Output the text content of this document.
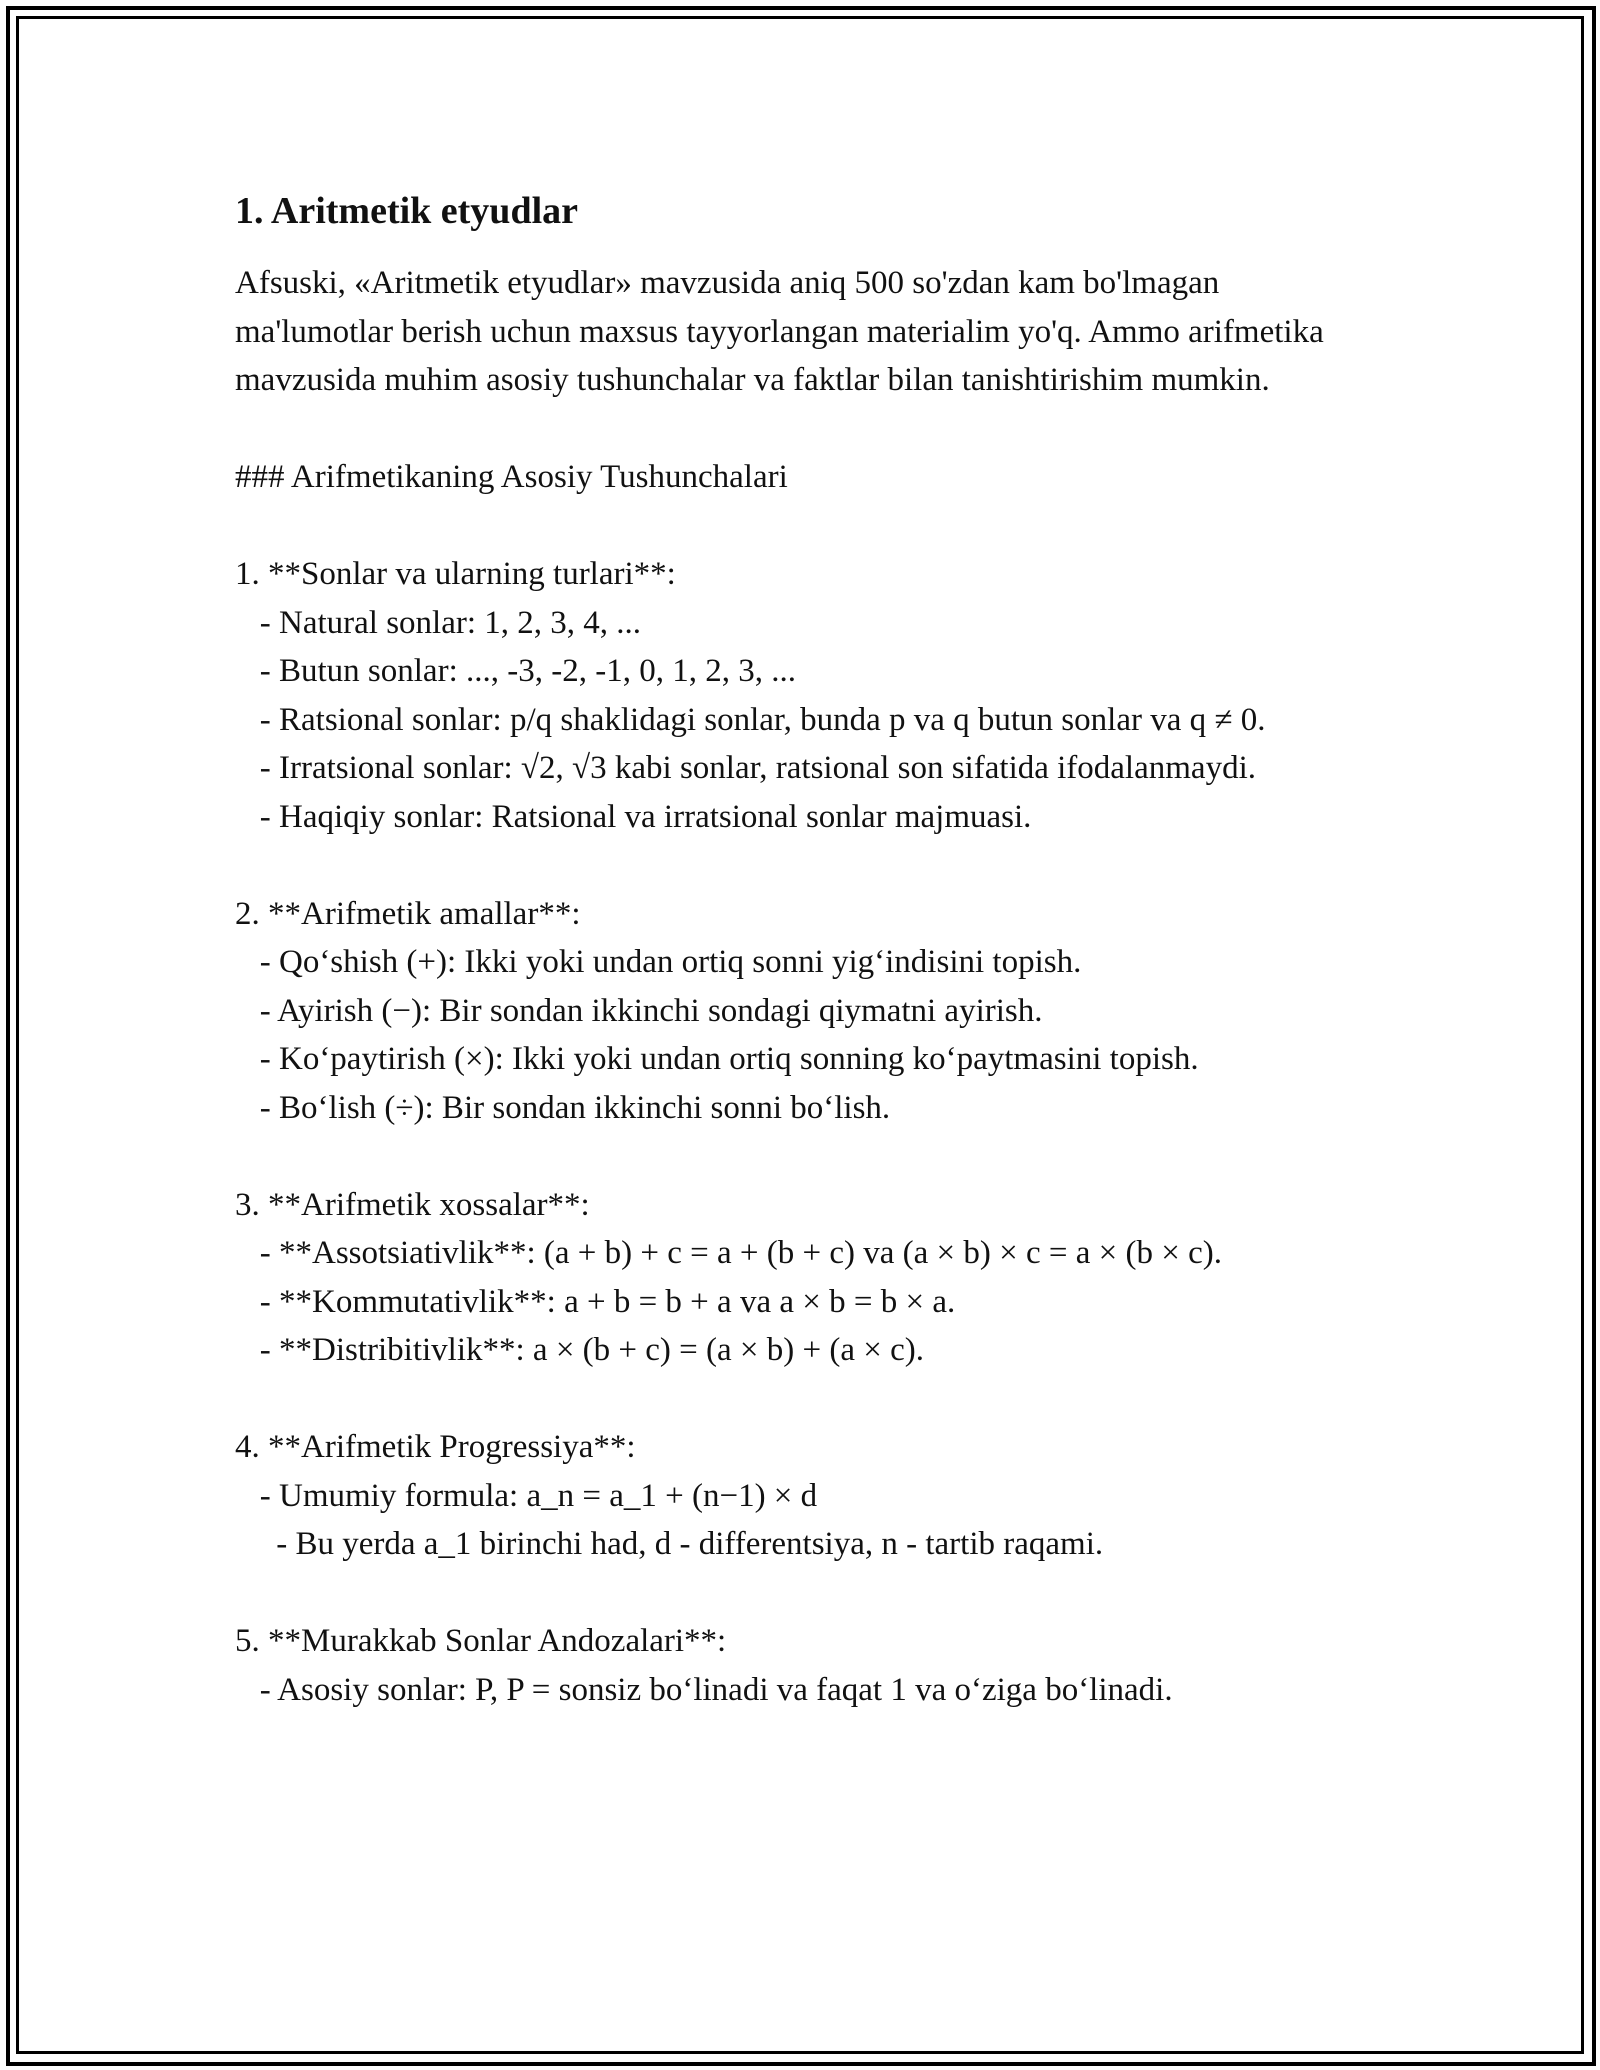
1. Aritmetik etyudlar

Afsuski, «Aritmetik etyudlar» mavzusida aniq 500 so'zdan kam bo'lmagan ma'lumotlar berish uchun maxsus tayyorlangan materialim yo'q. Ammo arifmetika mavzusida muhim asosiy tushunchalar va faktlar bilan tanishtirishim mumkin.

### Arifmetikaning Asosiy Tushunchalari

1. **Sonlar va ularning turlari**:

- Natural sonlar: 1, 2, 3, 4, ...

- Butun sonlar: ..., -3, -2, -1, 0, 1, 2, 3, ...

- Ratsional sonlar: p/q shaklidagi sonlar, bunda p va q butun sonlar va q ≠ 0.

- Irratsional sonlar: √2, √3 kabi sonlar, ratsional son sifatida ifodalanmaydi.

- Haqiqiy sonlar: Ratsional va irratsional sonlar majmuasi.

2. **Arifmetik amallar**:

- Qo‘shish (+): Ikki yoki undan ortiq sonni yig‘indisini topish.

- Ayirish (−): Bir sondan ikkinchi sondagi qiymatni ayirish.

- Ko‘paytirish (×): Ikki yoki undan ortiq sonning ko‘paytmasini topish.

- Bo‘lish (÷): Bir sondan ikkinchi sonni bo‘lish.

3. **Arifmetik xossalar**:

- **Assotsiativlik**: (a + b) + c = a + (b + c) va (a × b) × c = a × (b × c).

- **Kommutativlik**: a + b = b + a va a × b = b × a.

- **Distribitivlik**: a × (b + c) = (a × b) + (a × c).

4. **Arifmetik Progressiya**:

- Umumiy formula: a_n = a_1 + (n−1) × d

- Bu yerda a_1 birinchi had, d - differentsiya, n - tartib raqami.

5. **Murakkab Sonlar Andozalari**:

- Asosiy sonlar: P, P = sonsiz bo‘linadi va faqat 1 va o‘ziga bo‘linadi.
